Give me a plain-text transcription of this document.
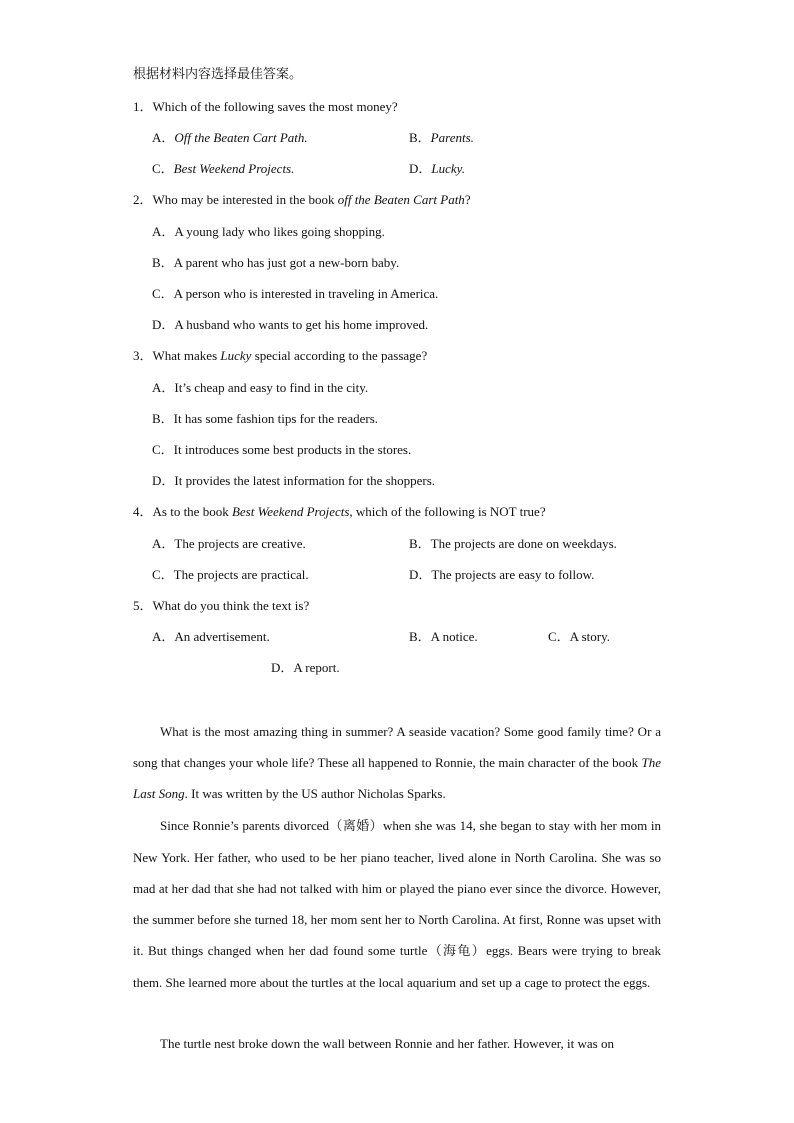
根据材料内容选择最佳答案。
1．Which of the following saves the most money?
A．Off the Beaten Cart Path.	B．Parents.
C．Best Weekend Projects.	D．Lucky.
2．Who may be interested in the book off the Beaten Cart Path?
A．A young lady who likes going shopping.
B．A parent who has just got a new-born baby.
C．A person who is interested in traveling in America.
D．A husband who wants to get his home improved.
3．What makes Lucky special according to the passage?
A．It’s cheap and easy to find in the city.
B．It has some fashion tips for the readers.
C．It introduces some best products in the stores.
D．It provides the latest information for the shoppers.
4．As to the book Best Weekend Projects, which of the following is NOT true?
A．The projects are creative.	B．The projects are done on weekdays.
C．The projects are practical.	D．The projects are easy to follow.
5．What do you think the text is?
A．An advertisement.	B．A notice.	C．A story.
D．A report.
What is the most amazing thing in summer? A seaside vacation? Some good family time? Or a song that changes your whole life? These all happened to Ronnie, the main character of the book The Last Song. It was written by the US author Nicholas Sparks.
Since Ronnie’s parents divorced（离婚）when she was 14, she began to stay with her mom in New York. Her father, who used to be her piano teacher, lived alone in North Carolina. She was so mad at her dad that she had not talked with him or played the piano ever since the divorce. However, the summer before she turned 18, her mom sent her to North Carolina. At first, Ronne was upset with it. But things changed when her dad found some turtle（海龟）eggs. Bears were trying to break them. She learned more about the turtles at the local aquarium and set up a cage to protect the eggs.
The turtle nest broke down the wall between Ronnie and her father. However, it was on
